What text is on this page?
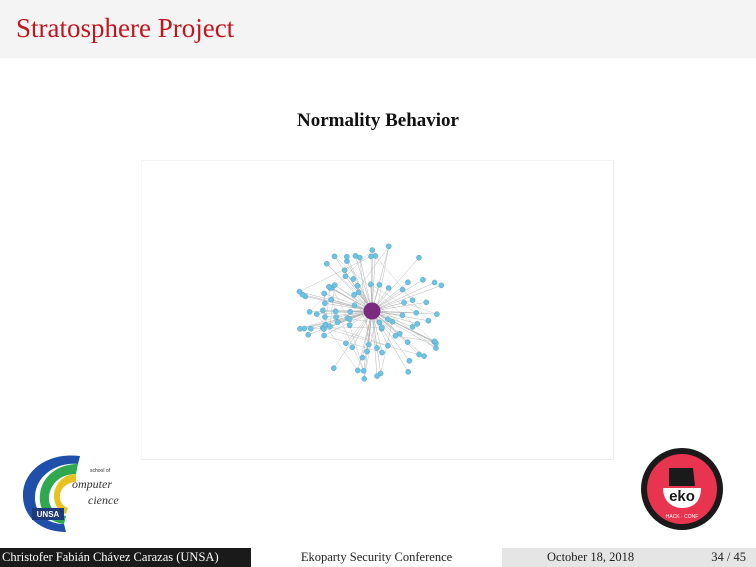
Stratosphere Project
Normality Behavior
UNSA
school of
omputer
cience	eko
HACK · CONF
Christofer Fabián Chávez Carazas (UNSA)	Ekoparty Security Conference	October 18, 2018	34 / 45
